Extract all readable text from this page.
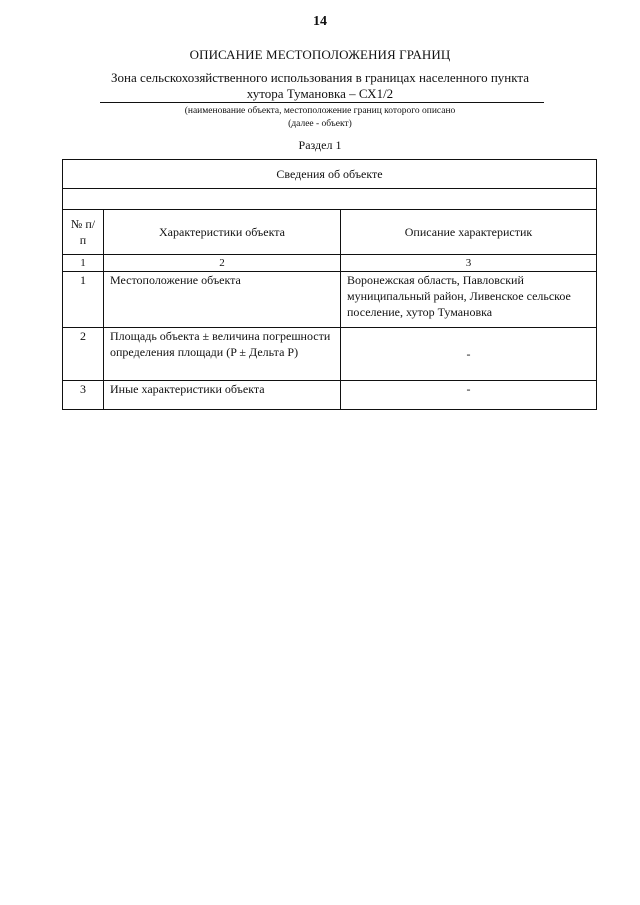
14
ОПИСАНИЕ МЕСТОПОЛОЖЕНИЯ ГРАНИЦ
Зона сельскохозяйственного использования в границах населенного пункта
хутора Тумановка – СХ1/2
(наименование объекта, местоположение границ которого описано
(далее - объект)
Раздел 1
Сведения об объекте		

№ п/п	Характеристики объекта	Описание характеристик
1	2	3
1	Местоположение объекта	Воронежская область, Павловский муниципальный район, Ливенское сельское поселение, хутор Тумановка
2	Площадь объекта ± величина погрешности определения площади (P ± Дельта P)	-
3	Иные характеристики объекта	-
